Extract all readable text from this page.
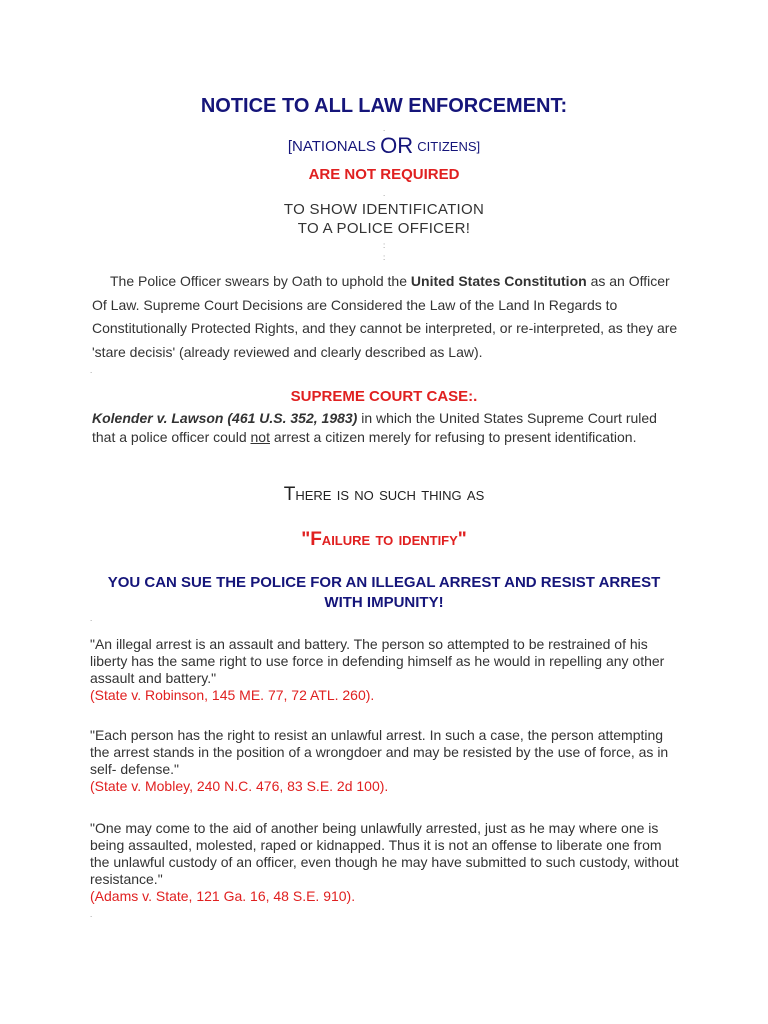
NOTICE TO ALL LAW ENFORCEMENT:
.
[NATIONALS OR CITIZENS]
ARE NOT REQUIRED
.
TO SHOW IDENTIFICATION
TO A POLICE OFFICER!
:
:
The Police Officer swears by Oath to uphold the United States Constitution as an Officer Of Law. Supreme Court Decisions are Considered the Law of the Land In Regards to Constitutionally Protected Rights, and they cannot be interpreted, or re-interpreted, as they are 'stare decisis' (already reviewed and clearly described as Law).
.
SUPREME COURT CASE:.
Kolender v. Lawson (461 U.S. 352, 1983) in which the United States Supreme Court ruled that a police officer could not arrest a citizen merely for refusing to present identification.
There is no such thing as
"Failure to identify"
YOU CAN SUE THE POLICE FOR AN ILLEGAL ARREST AND RESIST ARREST WITH IMPUNITY!
.
"An illegal arrest is an assault and battery. The person so attempted to be restrained of his liberty has the same right to use force in defending himself as he would in repelling any other assault and battery."
(State v. Robinson, 145 ME. 77, 72 ATL. 260).
"Each person has the right to resist an unlawful arrest. In such a case, the person attempting the arrest stands in the position of a wrongdoer and may be resisted by the use of force, as in self- defense."
(State v. Mobley, 240 N.C. 476, 83 S.E. 2d 100).
"One may come to the aid of another being unlawfully arrested, just as he may where one is being assaulted, molested, raped or kidnapped. Thus it is not an offense to liberate one from the unlawful custody of an officer, even though he may have submitted to such custody, without resistance."
(Adams v. State, 121 Ga. 16, 48 S.E. 910).
.
